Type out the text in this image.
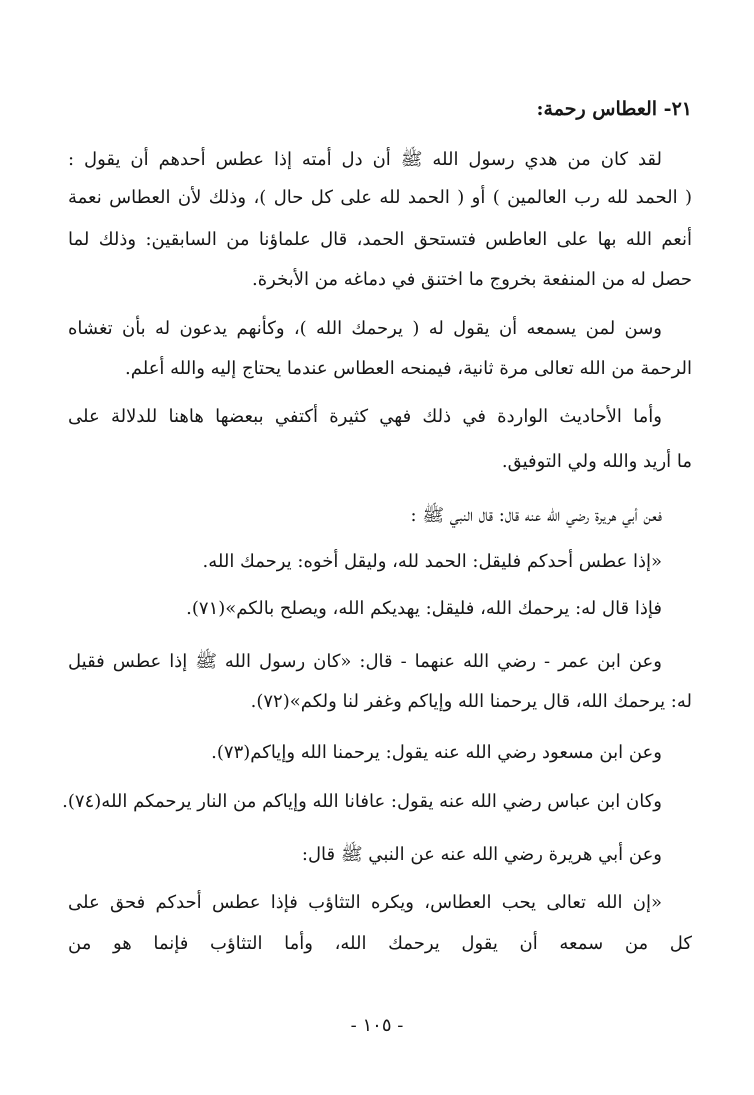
٢١- العطاس رحمة:

لقد كان من هدي رسول الله ﷺ أن دل أمته إذا عطس أحدهم أن يقول :

( الحمد لله رب العالمين ) أو ( الحمد لله على كل حال )، وذلك لأن العطاس نعمة

أنعم الله بها على العاطس فتستحق الحمد، قال علماؤنا من السابقين: وذلك لما

حصل له من المنفعة بخروج ما اختنق في دماغه من الأبخرة.

وسن لمن يسمعه أن يقول له ( يرحمك الله )، وكأنهم يدعون له بأن تغشاه

الرحمة من الله تعالى مرة ثانية، فيمنحه العطاس عندما يحتاج إليه والله أعلم.

وأما الأحاديث الواردة في ذلك فهي كثيرة أكتفي ببعضها هاهنا للدلالة على

ما أريد والله ولي التوفيق.

فعن أبي هريرة رضي الله عنه قال: قال النبي ﷺ :

«إذا عطس أحدكم فليقل: الحمد لله، وليقل أخوه: يرحمك الله.

فإذا قال له: يرحمك الله، فليقل: يهديكم الله، ويصلح بالكم»(٧١).

وعن ابن عمر - رضي الله عنهما - قال: «كان رسول الله ﷺ إذا عطس فقيل

له: يرحمك الله، قال يرحمنا الله وإياكم وغفر لنا ولكم»(٧٢).

وعن ابن مسعود رضي الله عنه يقول: يرحمنا الله وإياكم(٧٣).

وكان ابن عباس رضي الله عنه يقول: عافانا الله وإياكم من النار يرحمكم الله(٧٤).

وعن أبي هريرة رضي الله عنه عن النبي ﷺ قال:

«إن الله تعالى يحب العطاس، ويكره التثاؤب فإذا عطس أحدكم فحق على

كل من سمعه أن يقول يرحمك الله، وأما التثاؤب فإنما هو من

- ١٠٥ -
